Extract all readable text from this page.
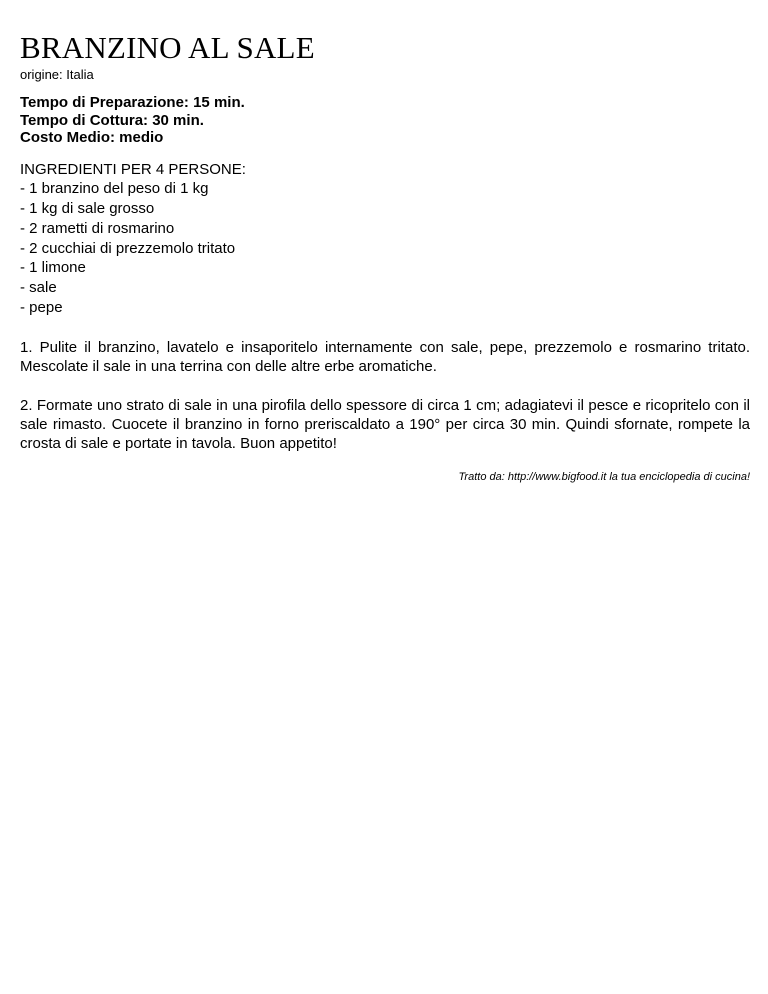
BRANZINO AL SALE
origine: Italia
Tempo di Preparazione: 15 min.
Tempo di Cottura: 30 min.
Costo Medio: medio
INGREDIENTI PER 4 PERSONE:
- 1 branzino del peso di 1 kg
- 1 kg di sale grosso
- 2 rametti di rosmarino
- 2 cucchiai di prezzemolo tritato
- 1 limone
- sale
- pepe

1. Pulite il branzino, lavatelo e insaporitelo internamente con sale, pepe, prezzemolo e rosmarino tritato. Mescolate il sale in una terrina con delle altre erbe aromatiche.

2. Formate uno strato di sale in una pirofila dello spessore di circa 1 cm; adagiatevi il pesce e ricopritelo con il sale rimasto. Cuocete il branzino in forno preriscaldato a 190° per circa 30 min. Quindi sfornate, rompete la crosta di sale e portate in tavola. Buon appetito!

Tratto da: http://www.bigfood.it la tua enciclopedia di cucina!
